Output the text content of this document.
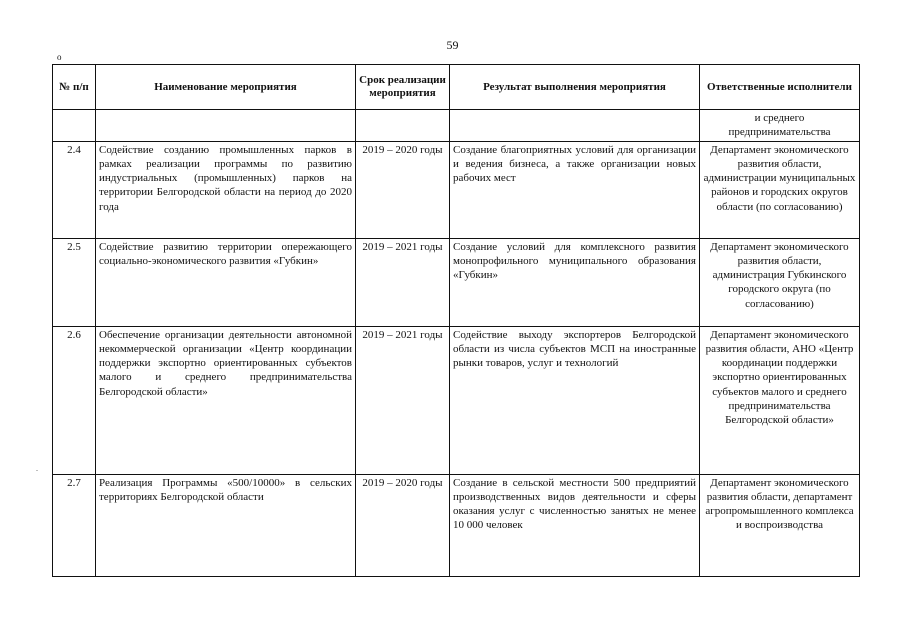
59
o
.
№ п/п	Наименование мероприятия	Срок реализации мероприятия	Результат выполнения мероприятия	Ответственные исполнители
				и среднего предпринимательства
2.4	Содействие созданию промышленных парков в рамках реализации программы по развитию индустриальных (промышленных) парков на территории Белгородской области на период до 2020 года	2019 – 2020 годы	Создание благоприятных условий для организации и ведения бизнеса, а также организации новых рабочих мест	Департамент экономического развития области, администрации муниципальных районов и городских округов области (по согласованию)
2.5	Содействие развитию территории опережающего социально-экономического развития «Губкин»	2019 – 2021 годы	Создание условий для комплексного развития монопрофильного муниципального образования «Губкин»	Департамент экономического развития области, администрация Губкинского городского округа (по согласованию)
2.6	Обеспечение организации деятельности автономной некоммерческой организации «Центр координации поддержки экспортно ориентированных субъектов малого и среднего предпринимательства Белгородской области»	2019 – 2021 годы	Содействие выходу экспортеров Белгородской области из числа субъектов МСП на иностранные рынки товаров, услуг и технологий	Департамент экономического развития области, АНО «Центр координации поддержки экспортно ориентированных субъектов малого и среднего предпринимательства Белгородской области»
2.7	Реализация Программы «500/10000» в сельских территориях Белгородской области	2019 – 2020 годы	Создание в сельской местности 500 предприятий производственных видов деятельности и сферы оказания услуг с численностью занятых не менее 10 000 человек	Департамент экономического развития области, департамент агропромышленного комплекса и воспроизводства
